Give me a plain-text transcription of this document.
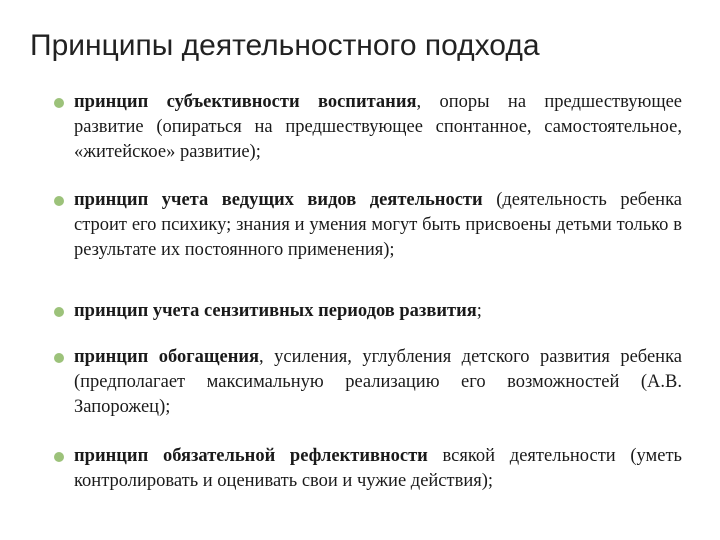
Принципы деятельностного подхода
принцип субъективности воспитания, опоры на предшествующее развитие (опираться на предшествующее спонтанное, самостоятельное, «житейское» развитие);
принцип учета ведущих видов деятельности (деятельность ребенка строит его психику; знания и умения могут быть присвоены детьми только в результате их постоянного применения);
принцип учета сензитивных периодов развития;
принцип обогащения, усиления, углубления детского развития ребенка (предполагает максимальную реализацию его возможностей (А.В. Запорожец);
принцип обязательной рефлективности всякой деятельности (уметь контролировать и оценивать свои и чужие действия);
